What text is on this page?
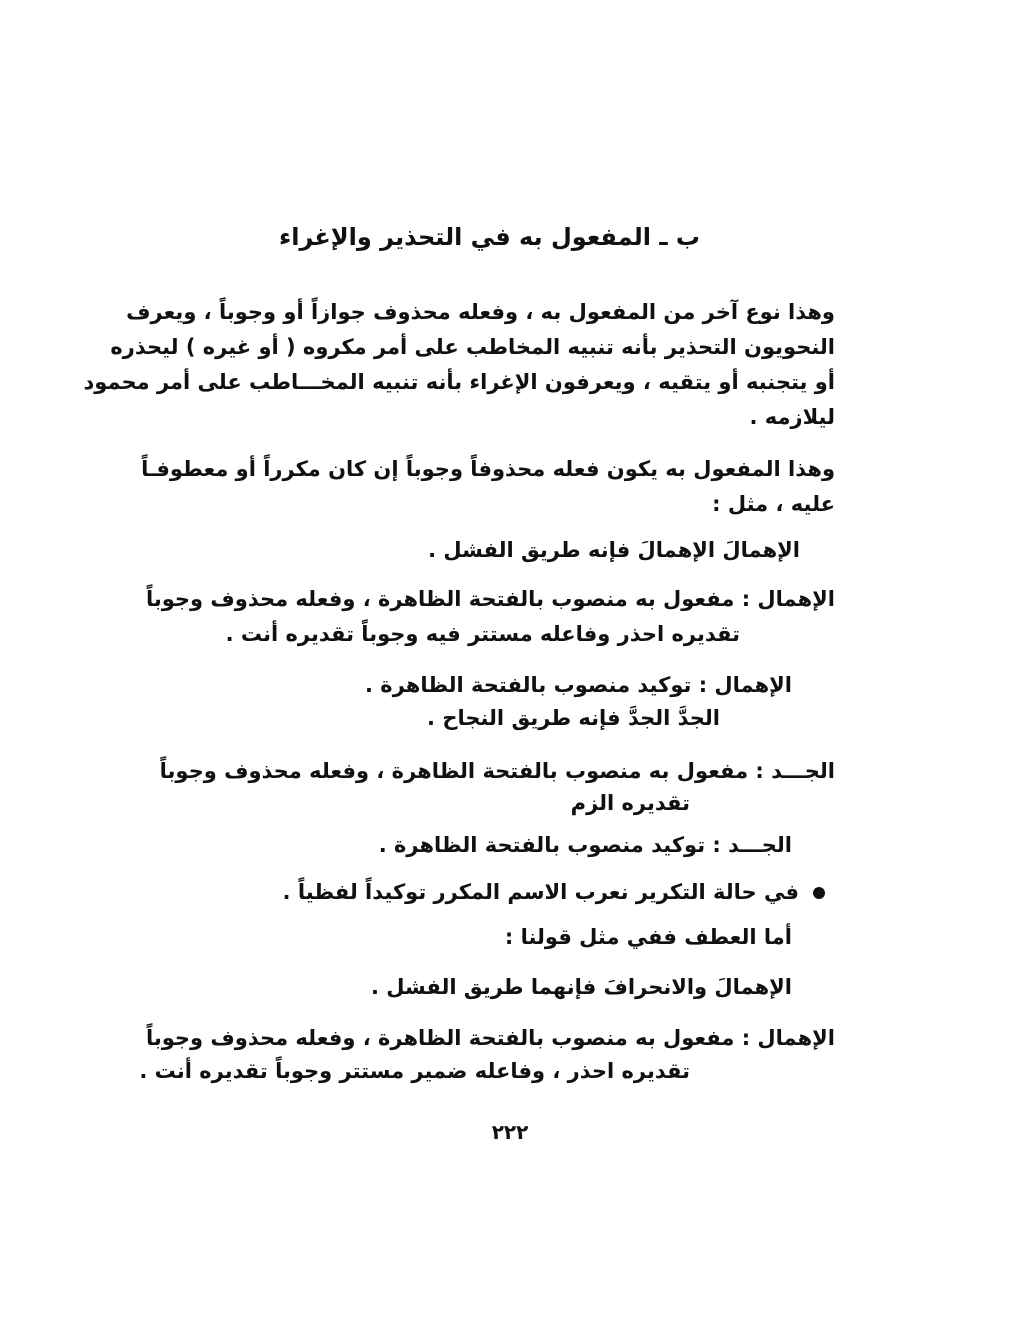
ب ـ المفعول به في التحذير والإغراء
وهذا نوع آخر من المفعول به ، وفعله محذوف جوازاً أو وجوباً ، ويعرف
النحويون التحذير بأنه تنبيه المخاطب على أمر مكروه ( أو غيره ) ليحذره
أو يتجنبه أو يتقيه ، ويعرفون الإغراء بأنه تنبيه المخـــاطب على أمر محمود
ليلازمه .
وهذا المفعول به يكون فعله محذوفاً وجوباً إن كان مكرراً أو معطوفـاً
عليه ، مثل :
الإهمالَ الإهمالَ فإنه طريق الفشل .
الإهمال : مفعول به منصوب بالفتحة الظاهرة ، وفعله محذوف وجوباً
تقديره احذر وفاعله مستتر فيه وجوباً تقديره أنت .
الإهمال : توكيد منصوب بالفتحة الظاهرة .
الجدَّ الجدَّ فإنه طريق النجاح .
الجـــد : مفعول به منصوب بالفتحة الظاهرة ، وفعله محذوف وجوباً
تقديره الزم
الجـــد : توكيد منصوب بالفتحة الظاهرة .
في حالة التكرير نعرب الاسم المكرر توكيداً لفظياً .
أما العطف ففي مثل قولنا :
الإهمالَ والانحرافَ فإنهما طريق الفشل .
الإهمال : مفعول به منصوب بالفتحة الظاهرة ، وفعله محذوف وجوباً
تقديره احذر ، وفاعله ضمير مستتر وجوباً تقديره أنت .
٢٢٢
